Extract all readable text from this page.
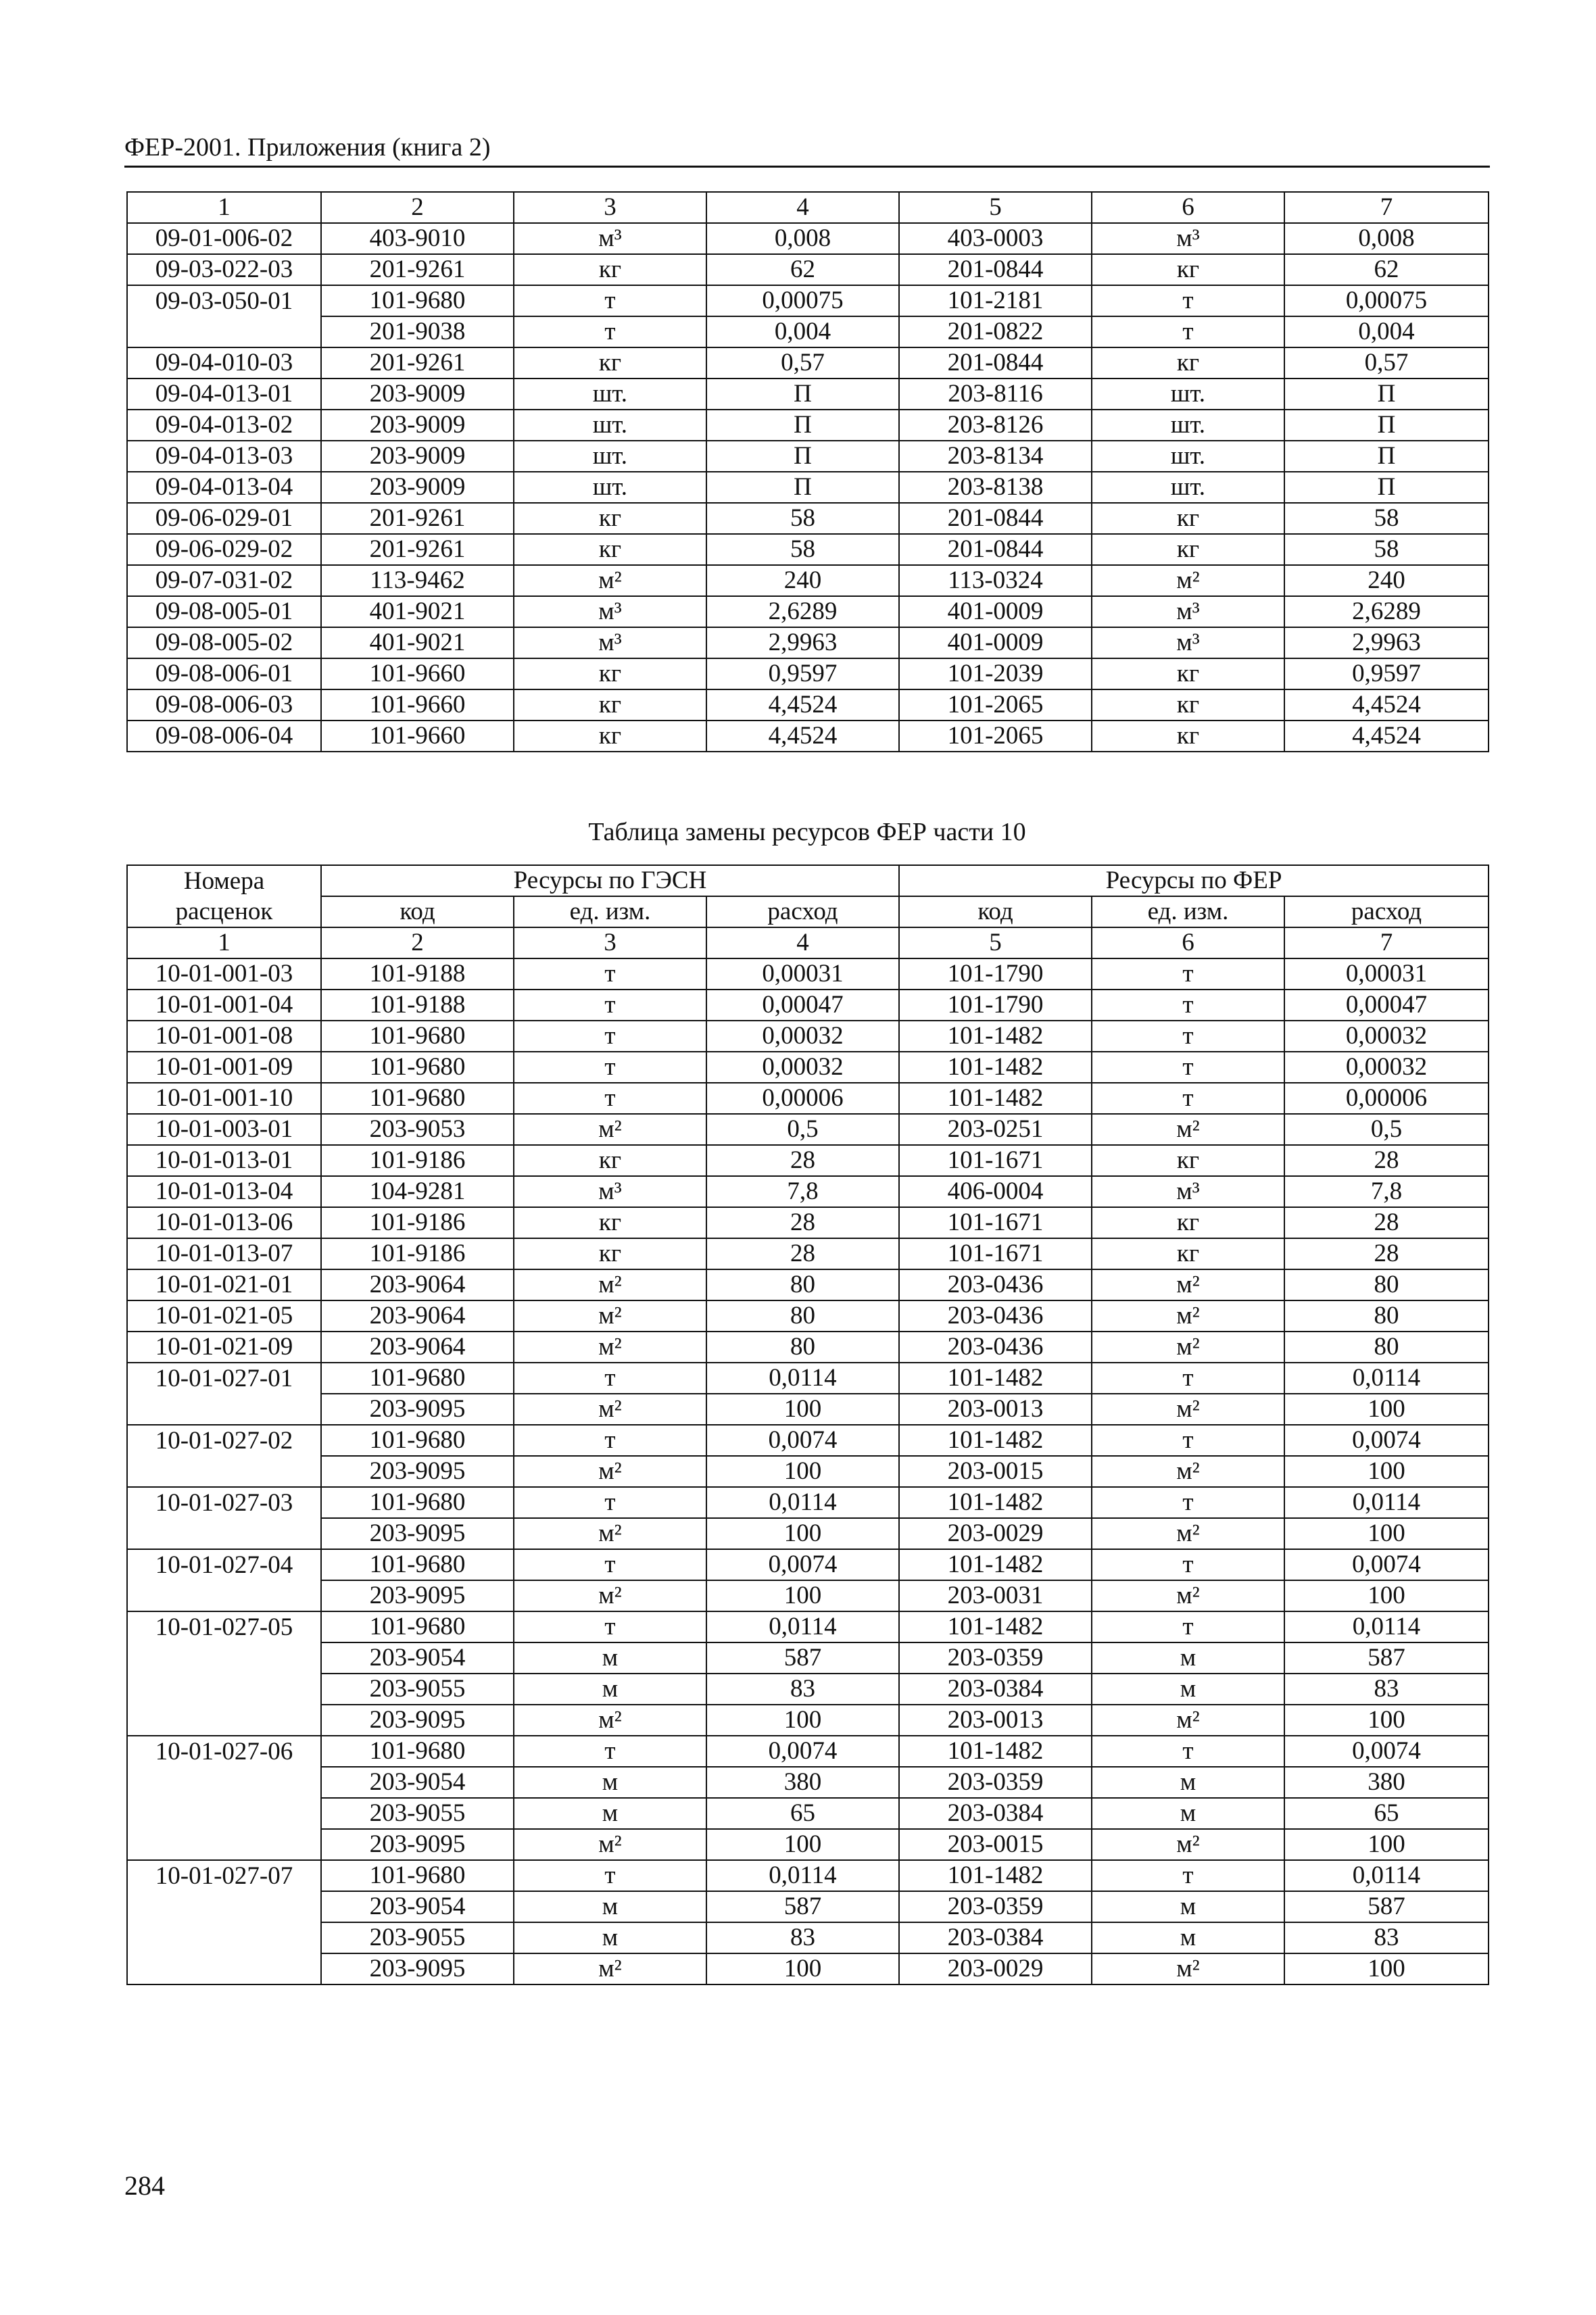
ФЕР-2001. Приложения (книга 2)
1	2	3	4	5	6	7
09-01-006-02	403-9010	м³	0,008	403-0003	м³	0,008
09-03-022-03	201-9261	кг	62	201-0844	кг	62
09-03-050-01	101-9680	т	0,00075	101-2181	т	0,00075
	201-9038	т	0,004	201-0822	т	0,004
09-04-010-03	201-9261	кг	0,57	201-0844	кг	0,57
09-04-013-01	203-9009	шт.	П	203-8116	шт.	П
09-04-013-02	203-9009	шт.	П	203-8126	шт.	П
09-04-013-03	203-9009	шт.	П	203-8134	шт.	П
09-04-013-04	203-9009	шт.	П	203-8138	шт.	П
09-06-029-01	201-9261	кг	58	201-0844	кг	58
09-06-029-02	201-9261	кг	58	201-0844	кг	58
09-07-031-02	113-9462	м²	240	113-0324	м²	240
09-08-005-01	401-9021	м³	2,6289	401-0009	м³	2,6289
09-08-005-02	401-9021	м³	2,9963	401-0009	м³	2,9963
09-08-006-01	101-9660	кг	0,9597	101-2039	кг	0,9597
09-08-006-03	101-9660	кг	4,4524	101-2065	кг	4,4524
09-08-006-04	101-9660	кг	4,4524	101-2065	кг	4,4524
Таблица замены ресурсов ФЕР части 10
Номера	Ресурсы по ГЭСН			Ресурсы по ФЕР		
расценок	код	ед. изм.	расход	код	ед. изм.	расход
1	2	3	4	5	6	7
10-01-001-03	101-9188	т	0,00031	101-1790	т	0,00031
10-01-001-04	101-9188	т	0,00047	101-1790	т	0,00047
10-01-001-08	101-9680	т	0,00032	101-1482	т	0,00032
10-01-001-09	101-9680	т	0,00032	101-1482	т	0,00032
10-01-001-10	101-9680	т	0,00006	101-1482	т	0,00006
10-01-003-01	203-9053	м²	0,5	203-0251	м²	0,5
10-01-013-01	101-9186	кг	28	101-1671	кг	28
10-01-013-04	104-9281	м³	7,8	406-0004	м³	7,8
10-01-013-06	101-9186	кг	28	101-1671	кг	28
10-01-013-07	101-9186	кг	28	101-1671	кг	28
10-01-021-01	203-9064	м²	80	203-0436	м²	80
10-01-021-05	203-9064	м²	80	203-0436	м²	80
10-01-021-09	203-9064	м²	80	203-0436	м²	80
10-01-027-01	101-9680	т	0,0114	101-1482	т	0,0114
	203-9095	м²	100	203-0013	м²	100
10-01-027-02	101-9680	т	0,0074	101-1482	т	0,0074
	203-9095	м²	100	203-0015	м²	100
10-01-027-03	101-9680	т	0,0114	101-1482	т	0,0114
	203-9095	м²	100	203-0029	м²	100
10-01-027-04	101-9680	т	0,0074	101-1482	т	0,0074
	203-9095	м²	100	203-0031	м²	100
10-01-027-05	101-9680	т	0,0114	101-1482	т	0,0114
	203-9054	м	587	203-0359	м	587
	203-9055	м	83	203-0384	м	83
	203-9095	м²	100	203-0013	м²	100
10-01-027-06	101-9680	т	0,0074	101-1482	т	0,0074
	203-9054	м	380	203-0359	м	380
	203-9055	м	65	203-0384	м	65
	203-9095	м²	100	203-0015	м²	100
10-01-027-07	101-9680	т	0,0114	101-1482	т	0,0114
	203-9054	м	587	203-0359	м	587
	203-9055	м	83	203-0384	м	83
	203-9095	м²	100	203-0029	м²	100
284
